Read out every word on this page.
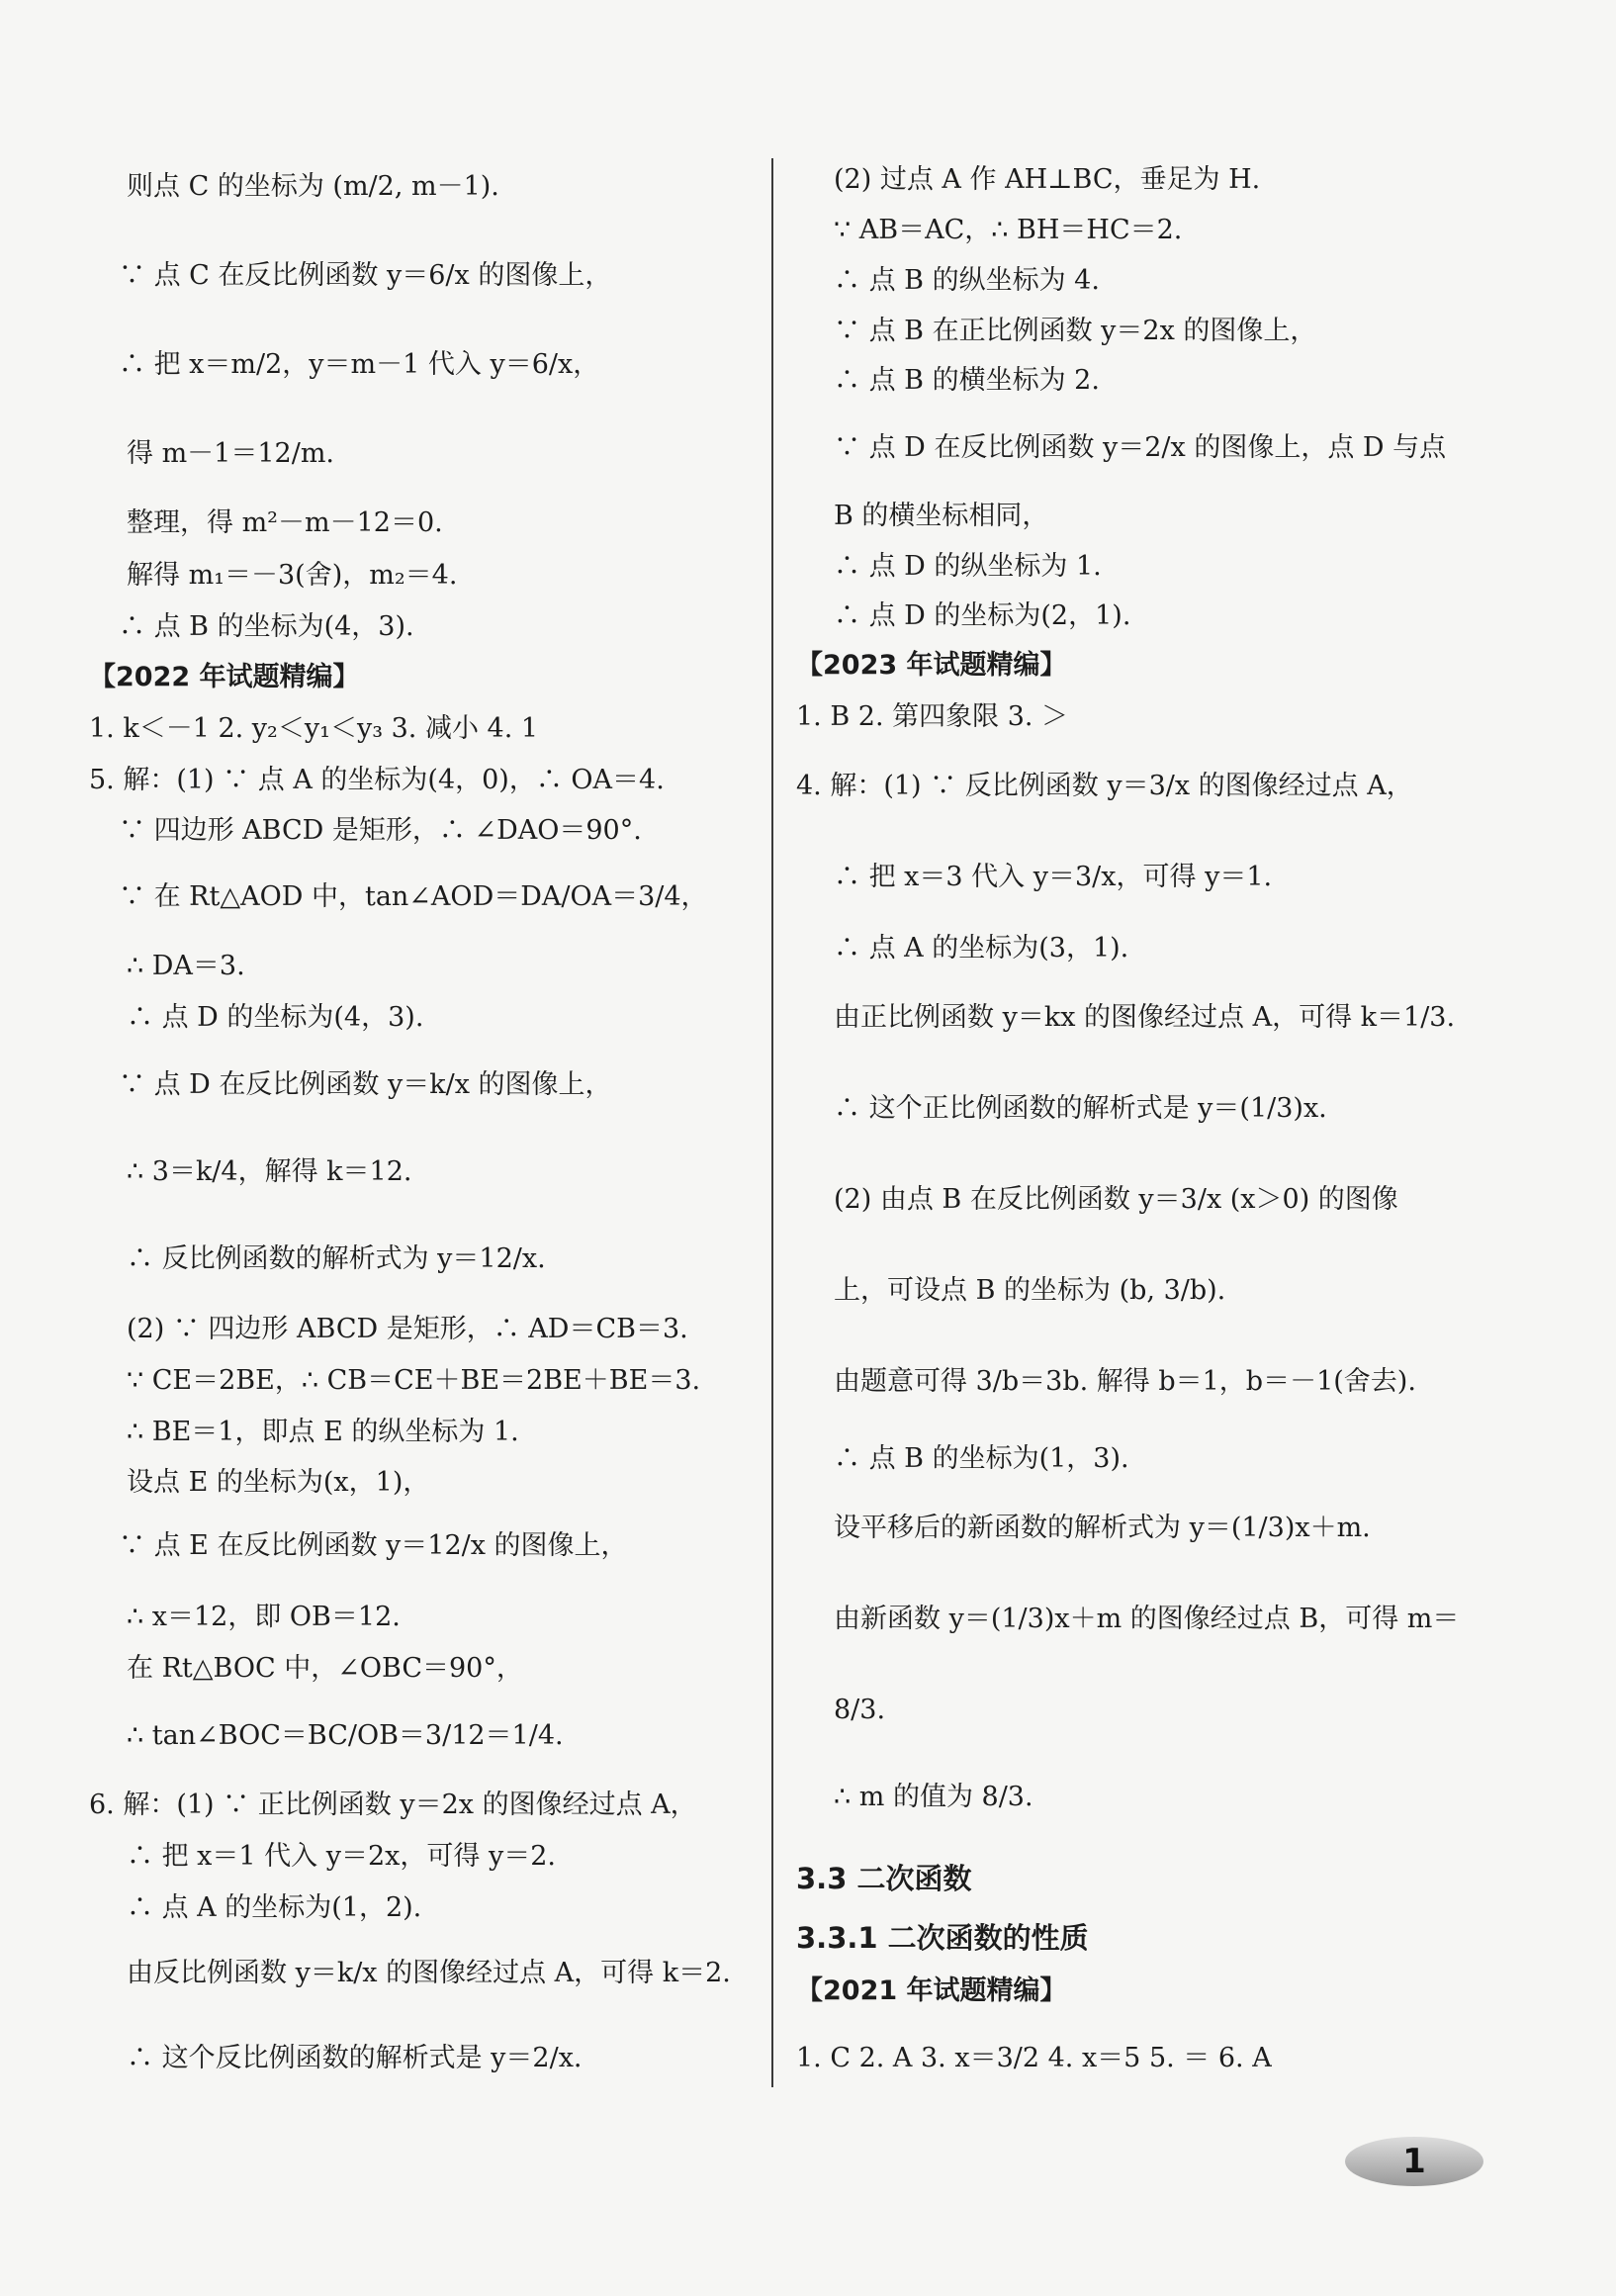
则点 C 的坐标为 (m/2, m－1).
∵ 点 C 在反比例函数 y＝6/x 的图像上，
∴ 把 x＝m/2，y＝m－1 代入 y＝6/x，
得 m－1＝12/m.
整理，得 m²－m－12＝0.
解得 m₁＝－3(舍)，m₂＝4.
∴ 点 B 的坐标为(4，3).
【2022 年试题精编】
1. k＜－1 2. y₂＜y₁＜y₃ 3. 减小 4. 1
5. 解：(1) ∵ 点 A 的坐标为(4，0)，∴ OA＝4.
∵ 四边形 ABCD 是矩形，∴ ∠DAO＝90°.
∵ 在 Rt△AOD 中，tan∠AOD＝DA/OA＝3/4，
∴ DA＝3.
∴ 点 D 的坐标为(4，3).
∵ 点 D 在反比例函数 y＝k/x 的图像上，
∴ 3＝k/4，解得 k＝12.
∴ 反比例函数的解析式为 y＝12/x.
(2) ∵ 四边形 ABCD 是矩形，∴ AD＝CB＝3.
∵ CE＝2BE，∴ CB＝CE＋BE＝2BE＋BE＝3.
∴ BE＝1，即点 E 的纵坐标为 1.
设点 E 的坐标为(x，1)，
∵ 点 E 在反比例函数 y＝12/x 的图像上，
∴ x＝12，即 OB＝12.
在 Rt△BOC 中，∠OBC＝90°，
∴ tan∠BOC＝BC/OB＝3/12＝1/4.
6. 解：(1) ∵ 正比例函数 y＝2x 的图像经过点 A，
∴ 把 x＝1 代入 y＝2x，可得 y＝2.
∴ 点 A 的坐标为(1，2).
由反比例函数 y＝k/x 的图像经过点 A，可得 k＝2.
∴ 这个反比例函数的解析式是 y＝2/x.
(2) 过点 A 作 AH⊥BC，垂足为 H.
∵ AB＝AC，∴ BH＝HC＝2.
∴ 点 B 的纵坐标为 4.
∵ 点 B 在正比例函数 y＝2x 的图像上，
∴ 点 B 的横坐标为 2.
∵ 点 D 在反比例函数 y＝2/x 的图像上，点 D 与点
B 的横坐标相同，
∴ 点 D 的纵坐标为 1.
∴ 点 D 的坐标为(2，1).
【2023 年试题精编】
1. B 2. 第四象限 3. ＞
4. 解：(1) ∵ 反比例函数 y＝3/x 的图像经过点 A，
∴ 把 x＝3 代入 y＝3/x，可得 y＝1.
∴ 点 A 的坐标为(3，1).
由正比例函数 y＝kx 的图像经过点 A，可得 k＝1/3.
∴ 这个正比例函数的解析式是 y＝(1/3)x.
(2) 由点 B 在反比例函数 y＝3/x (x＞0) 的图像
上，可设点 B 的坐标为 (b, 3/b).
由题意可得 3/b＝3b. 解得 b＝1，b＝－1(舍去).
∴ 点 B 的坐标为(1，3).
设平移后的新函数的解析式为 y＝(1/3)x＋m.
由新函数 y＝(1/3)x＋m 的图像经过点 B，可得 m＝
8/3.
∴ m 的值为 8/3.
3.3 二次函数
3.3.1 二次函数的性质
【2021 年试题精编】
1. C 2. A 3. x＝3/2 4. x＝5 5. ＝ 6. A
1
